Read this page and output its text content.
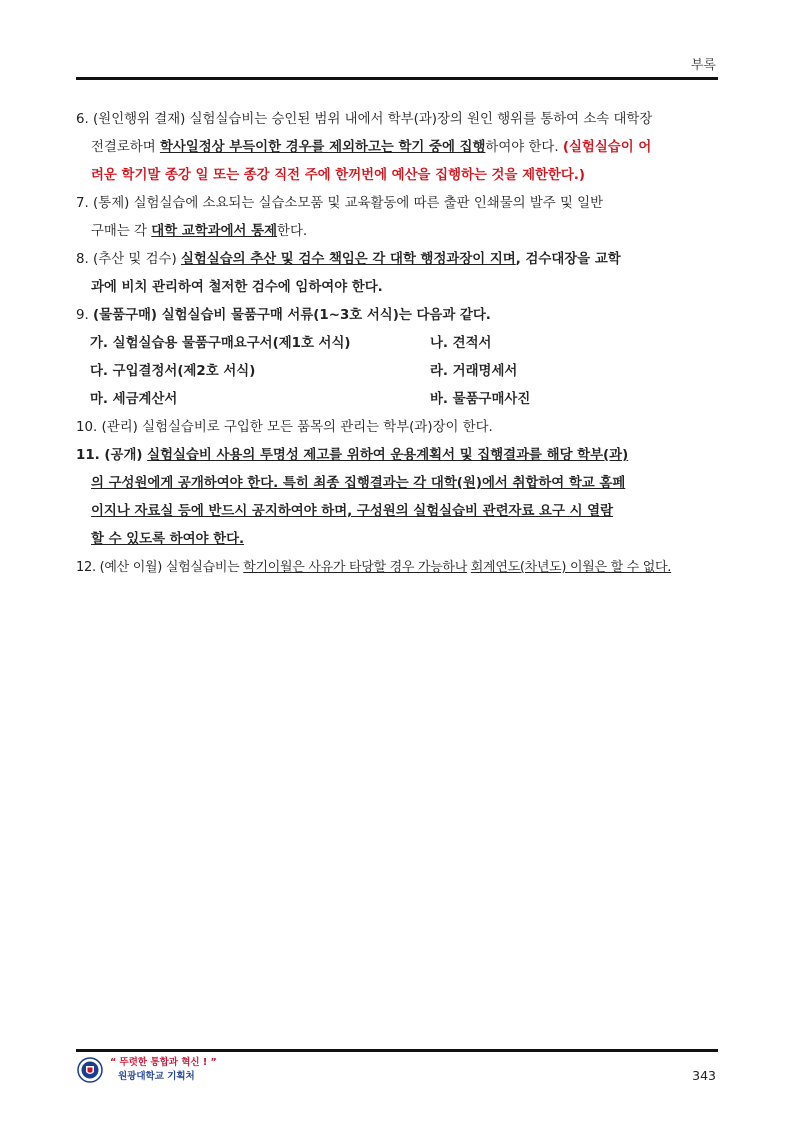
부록
6. (원인행위 결재) 실험실습비는 승인된 범위 내에서 학부(과)장의 원인 행위를 통하여 소속 대학장
전결로하며 학사일정상 부득이한 경우를 제외하고는 학기 중에 집행하여야 한다. (실험실습이 어
려운 학기말 종강 일 또는 종강 직전 주에 한꺼번에 예산을 집행하는 것을 제한한다.)
7. (통제) 실험실습에 소요되는 실습소모품 및 교육활동에 따른 출판 인쇄물의 발주 및 일반
구매는 각 대학 교학과에서 통제한다.
8. (추산 및 검수) 실험실습의 추산 및 검수 책임은 각 대학 행정과장이 지며, 검수대장을 교학
과에 비치 관리하여 철저한 검수에 임하여야 한다.
9. (물품구매) 실험실습비 물품구매 서류(1~3호 서식)는 다음과 같다.
가. 실험실습용 물품구매요구서(제1호 서식)	나. 견적서
다. 구입결정서(제2호 서식)	라. 거래명세서
마. 세금계산서	바. 물품구매사진
10. (관리) 실험실습비로 구입한 모든 품목의 관리는 학부(과)장이 한다.
11. (공개) 실험실습비 사용의 투명성 제고를 위하여 운용계획서 및 집행결과를 해당 학부(과)
의 구성원에게 공개하여야 한다. 특히 최종 집행결과는 각 대학(원)에서 취합하여 학교 홈페
이지나 자료실 등에 반드시 공지하여야 하며, 구성원의 실험실습비 관련자료 요구 시 열람
할 수 있도록 하여야 한다.
12. (예산 이월) 실험실습비는 학기이월은 사유가 타당할 경우 가능하나 회계연도(차년도) 이월은 할 수 없다.
“ 뚜렷한 통합과 혁신 ! ”
원광대학교 기획처	343
